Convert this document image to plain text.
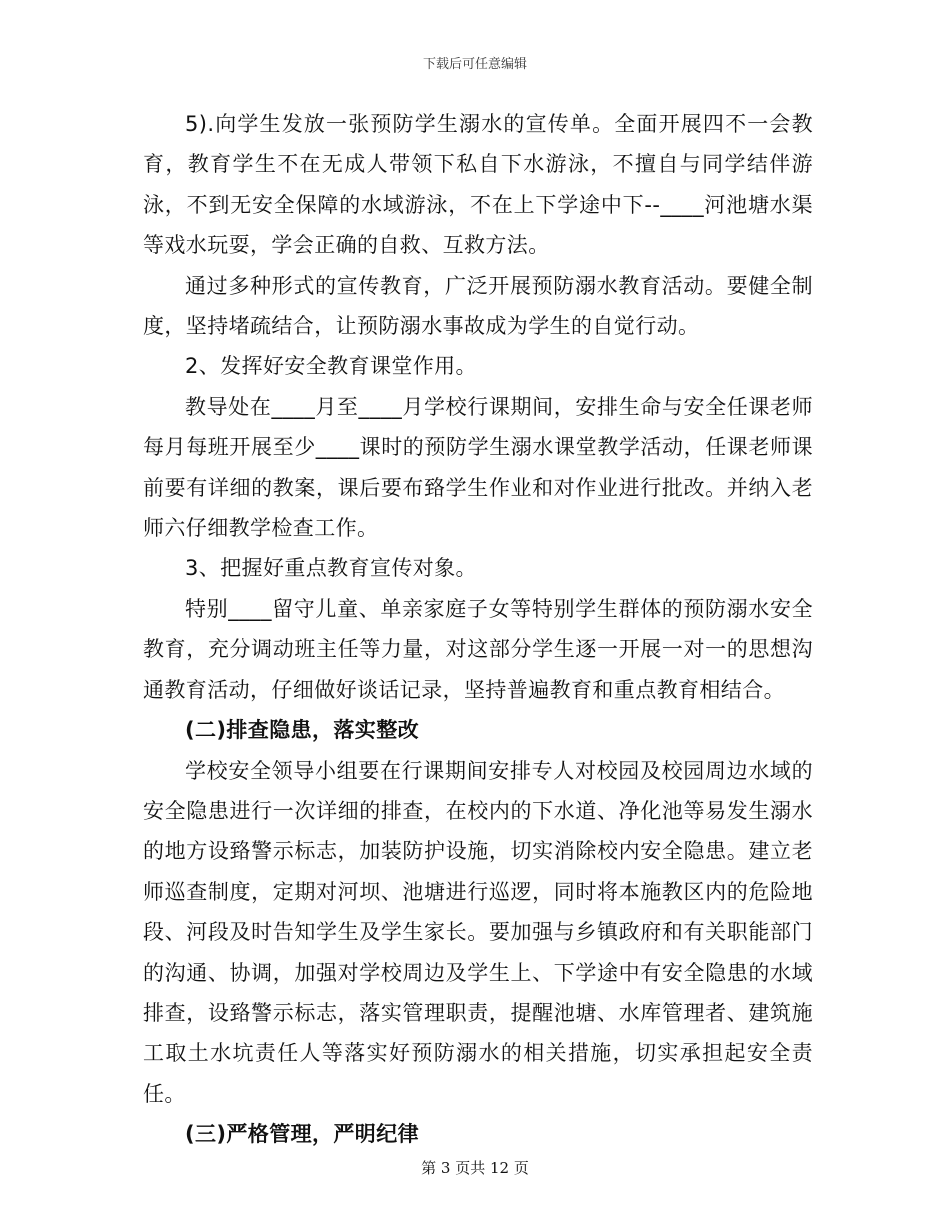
下载后可任意编辑

5).向学生发放一张预防学生溺水的宣传单。全面开展四不一会教育，教育学生不在无成人带领下私自下水游泳，不擅自与同学结伴游泳，不到无安全保障的水域游泳，不在上下学途中下--____河池塘水渠等戏水玩耍，学会正确的自救、互救方法。

通过多种形式的宣传教育，广泛开展预防溺水教育活动。要健全制度，坚持堵疏结合，让预防溺水事故成为学生的自觉行动。

2、发挥好安全教育课堂作用。

教导处在____月至____月学校行课期间，安排生命与安全任课老师每月每班开展至少____课时的预防学生溺水课堂教学活动，任课老师课前要有详细的教案，课后要布臵学生作业和对作业进行批改。并纳入老师六仔细教学检查工作。

3、把握好重点教育宣传对象。

特别____留守儿童、单亲家庭子女等特别学生群体的预防溺水安全教育，充分调动班主任等力量，对这部分学生逐一开展一对一的思想沟通教育活动，仔细做好谈话记录，坚持普遍教育和重点教育相结合。

(二)排查隐患，落实整改

学校安全领导小组要在行课期间安排专人对校园及校园周边水域的安全隐患进行一次详细的排查，在校内的下水道、净化池等易发生溺水的地方设臵警示标志，加装防护设施，切实消除校内安全隐患。建立老师巡查制度，定期对河坝、池塘进行巡逻，同时将本施教区内的危险地段、河段及时告知学生及学生家长。要加强与乡镇政府和有关职能部门的沟通、协调，加强对学校周边及学生上、下学途中有安全隐患的水域排查，设臵警示标志，落实管理职责，提醒池塘、水库管理者、建筑施工取土水坑责任人等落实好预防溺水的相关措施，切实承担起安全责任。

(三)严格管理，严明纪律

第 3 页共 12 页
